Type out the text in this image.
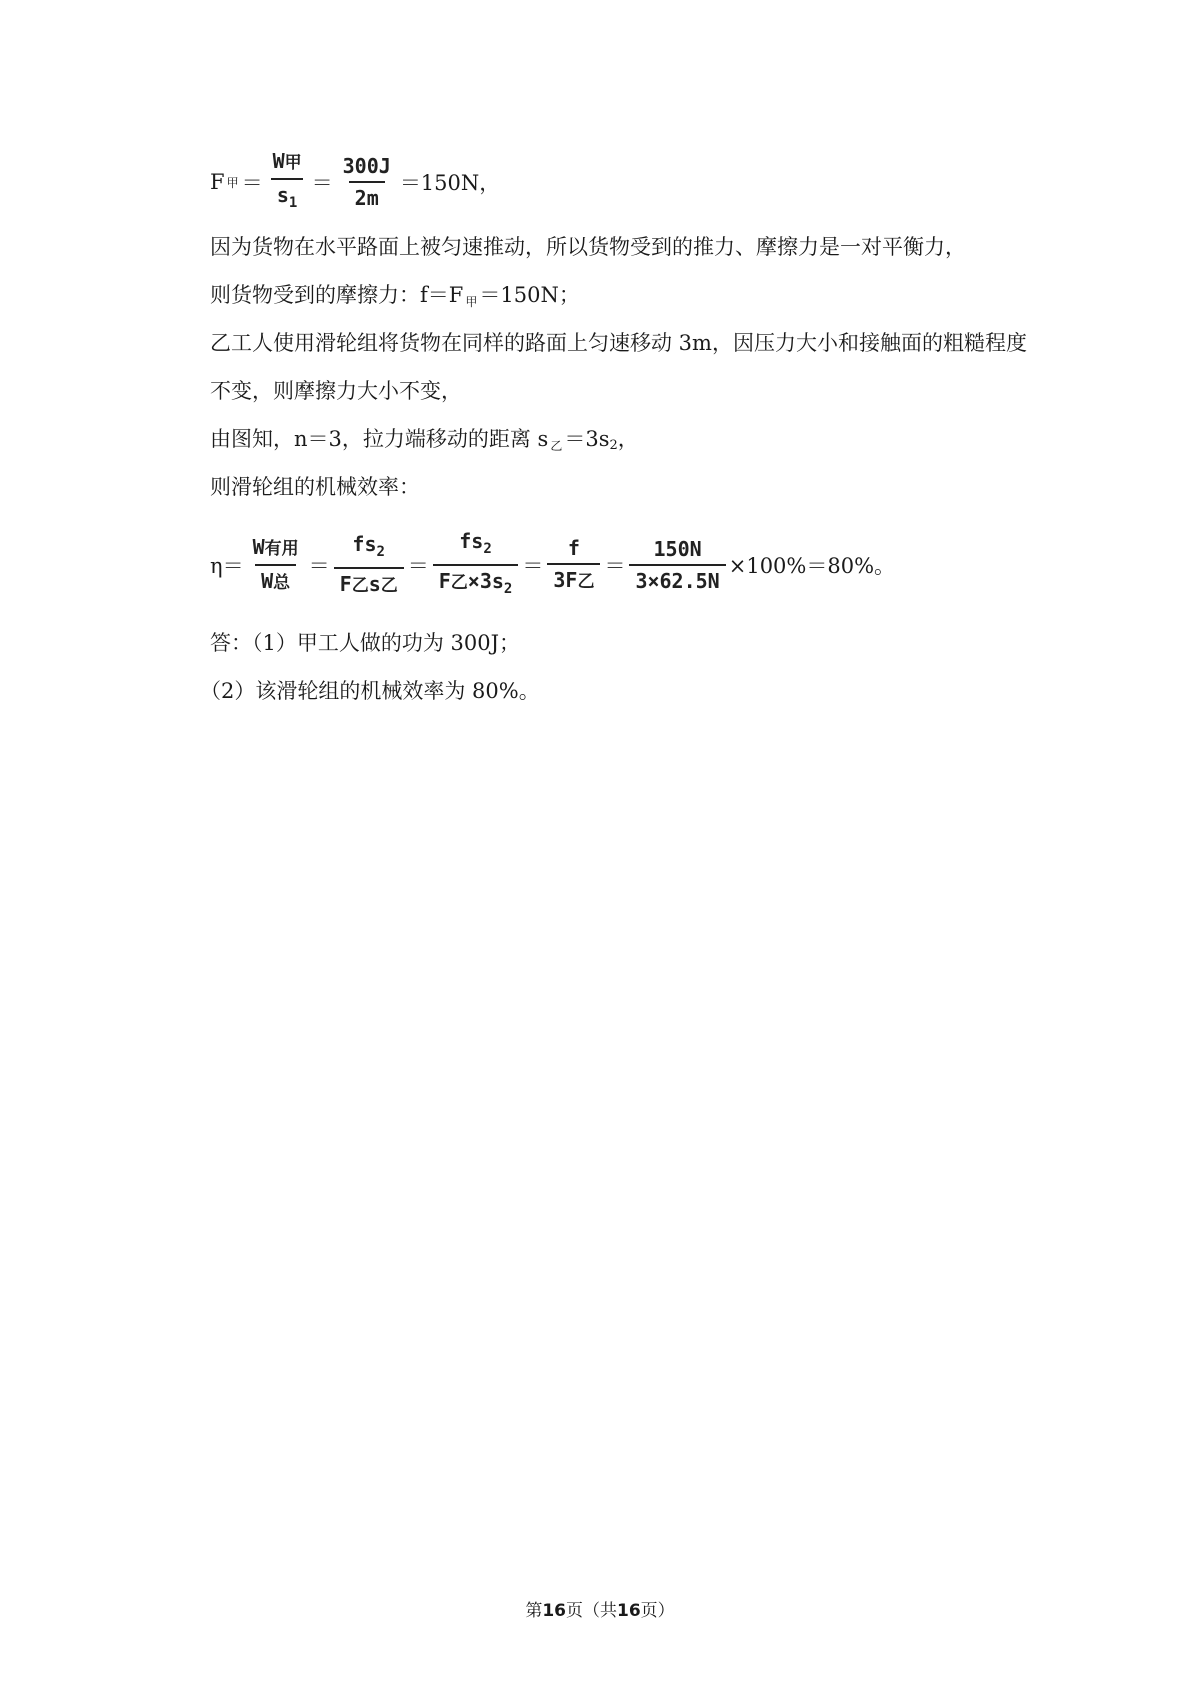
F 甲 ＝ $\frac{\text{W甲}}{s_1} = \frac{300J}{2m} =150N$，
因为货物在水平路面上被匀速推动，所以货物受到的推力、摩擦力是一对平衡力，
则货物受到的摩擦力：f＝F $_甲$＝150N；
乙工人使用滑轮组将货物在同样的路面上匀速移动 3m，因压力大小和接触面的粗糙程度
不变，则摩擦力大小不变，
由图知，n＝3，拉力端移动的距离 s $_乙$＝3s2，
则滑轮组的机械效率：
$\eta= \frac{\text{W有用}}{\text{W总}} = \frac{fs_2}{\text{F乙s乙}} = \frac{fs_2}{F乙\times 3s_2} = \frac{f}{\text{3F乙}} = \frac{150N}{3\times 62.5N} \times 100\%=80\%$。
答：（1）甲工人做的功为 300J；
（2）该滑轮组的机械效率为 80%。
第16页（共16页）
